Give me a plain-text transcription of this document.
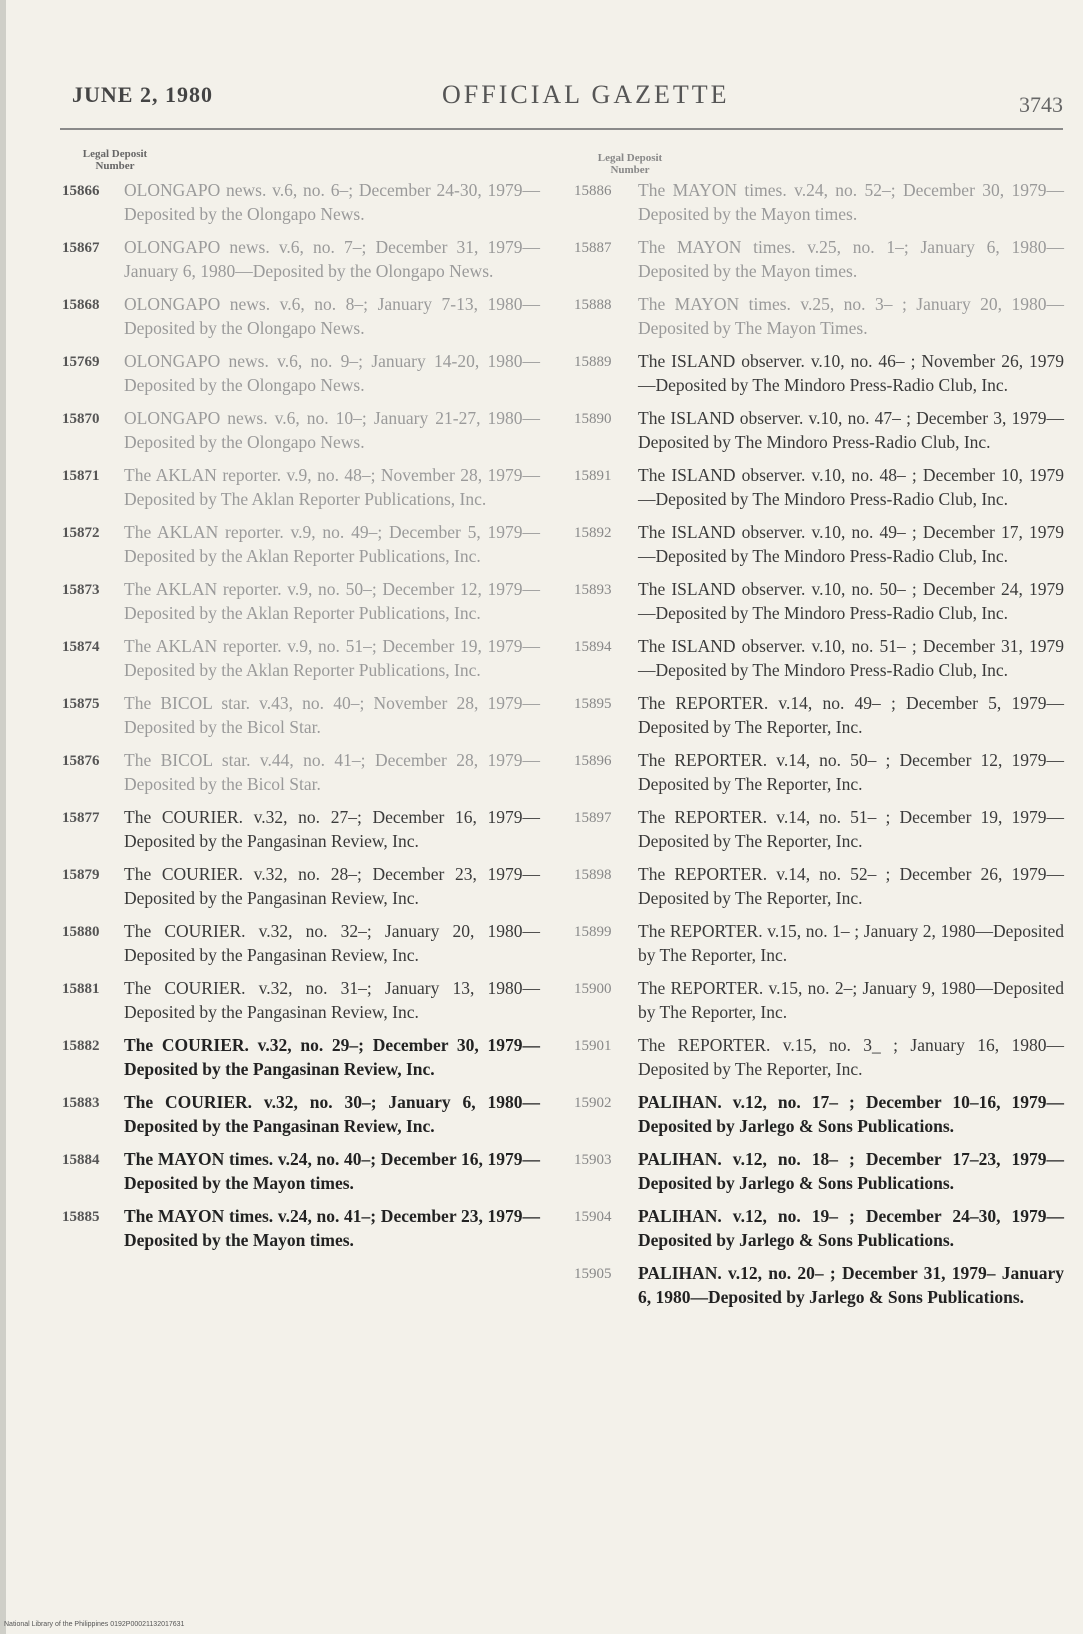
JUNE 2, 1980	OFFICIAL GAZETTE	3743
Legal Deposit Number
Legal Deposit Number
15866	OLONGAPO news. v.6, no. 6–; December 24-30, 1979—Deposited by the Olongapo News.
15867	OLONGAPO news. v.6, no. 7–; December 31, 1979—January 6, 1980—Deposited by the Olongapo News.
15868	OLONGAPO news. v.6, no. 8–; January 7-13, 1980—Deposited by the Olongapo News.
15769	OLONGAPO news. v.6, no. 9–; January 14-20, 1980—Deposited by the Olongapo News.
15870	OLONGAPO news. v.6, no. 10–; January 21-27, 1980—Deposited by the Olongapo News.
15871	The AKLAN reporter. v.9, no. 48–; November 28, 1979—Deposited by The Aklan Reporter Publications, Inc.
15872	The AKLAN reporter. v.9, no. 49–; December 5, 1979—Deposited by the Aklan Reporter Publications, Inc.
15873	The AKLAN reporter. v.9, no. 50–; December 12, 1979—Deposited by the Aklan Reporter Publications, Inc.
15874	The AKLAN reporter. v.9, no. 51–; December 19, 1979—Deposited by the Aklan Reporter Publications, Inc.
15875	The BICOL star. v.43, no. 40–; November 28, 1979—Deposited by the Bicol Star.
15876	The BICOL star. v.44, no. 41–; December 28, 1979—Deposited by the Bicol Star.
15877	The COURIER. v.32, no. 27–; December 16, 1979—Deposited by the Pangasinan Review, Inc.
15879	The COURIER. v.32, no. 28–; December 23, 1979—Deposited by the Pangasinan Review, Inc.
15880	The COURIER. v.32, no. 32–; January 20, 1980—Deposited by the Pangasinan Review, Inc.
15881	The COURIER. v.32, no. 31–; January 13, 1980—Deposited by the Pangasinan Review, Inc.
15882	The COURIER. v.32, no. 29–; December 30, 1979—Deposited by the Pangasinan Review, Inc.
15883	The COURIER. v.32, no. 30–; January 6, 1980—Deposited by the Pangasinan Review, Inc.
15884	The MAYON times. v.24, no. 40–; December 16, 1979—Deposited by the Mayon times.
15885	The MAYON times. v.24, no. 41–; December 23, 1979—Deposited by the Mayon times.
15886	The MAYON times. v.24, no. 52–; December 30, 1979—Deposited by the Mayon times.
15887	The MAYON times. v.25, no. 1–; January 6, 1980—Deposited by the Mayon times.
15888	The MAYON times. v.25, no. 3– ; January 20, 1980—Deposited by The Mayon Times.
15889	The ISLAND observer. v.10, no. 46– ; November 26, 1979—Deposited by The Mindoro Press-Radio Club, Inc.
15890	The ISLAND observer. v.10, no. 47– ; December 3, 1979—Deposited by The Mindoro Press-Radio Club, Inc.
15891	The ISLAND observer. v.10, no. 48– ; December 10, 1979—Deposited by The Mindoro Press-Radio Club, Inc.
15892	The ISLAND observer. v.10, no. 49– ; December 17, 1979—Deposited by The Mindoro Press-Radio Club, Inc.
15893	The ISLAND observer. v.10, no. 50– ; December 24, 1979—Deposited by The Mindoro Press-Radio Club, Inc.
15894	The ISLAND observer. v.10, no. 51– ; December 31, 1979—Deposited by The Mindoro Press-Radio Club, Inc.
15895	The REPORTER. v.14, no. 49– ; December 5, 1979—Deposited by The Reporter, Inc.
15896	The REPORTER. v.14, no. 50– ; December 12, 1979—Deposited by The Reporter, Inc.
15897	The REPORTER. v.14, no. 51– ; December 19, 1979—Deposited by The Reporter, Inc.
15898	The REPORTER. v.14, no. 52– ; December 26, 1979—Deposited by The Reporter, Inc.
15899	The REPORTER. v.15, no. 1– ; January 2, 1980—Deposited by The Reporter, Inc.
15900	The REPORTER. v.15, no. 2–; January 9, 1980—Deposited by The Reporter, Inc.
15901	The REPORTER. v.15, no. 3_ ; January 16, 1980—Deposited by The Reporter, Inc.
15902	PALIHAN. v.12, no. 17– ; December 10–16, 1979—Deposited by Jarlego & Sons Publications.
15903	PALIHAN. v.12, no. 18– ; December 17–23, 1979—Deposited by Jarlego & Sons Publications.
15904	PALIHAN. v.12, no. 19– ; December 24–30, 1979—Deposited by Jarlego & Sons Publications.
15905	PALIHAN. v.12, no. 20– ; December 31, 1979– January 6, 1980—Deposited by Jarlego & Sons Publications.
National Library of the Philippines 0192P00021132017631
